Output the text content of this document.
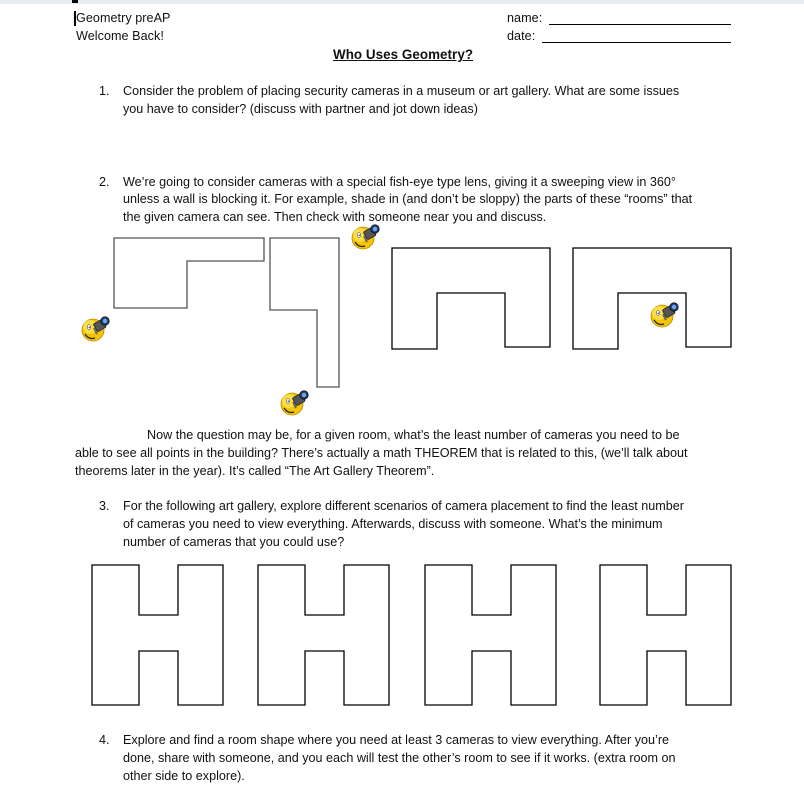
Geometry preAP
Welcome Back!
name:
date:
Who Uses Geometry?
1. Consider the problem of placing security cameras in a museum or art gallery. What are some issues
you have to consider? (discuss with partner and jot down ideas)
2. We’re going to consider cameras with a special fish-eye type lens, giving it a sweeping view in 360°
unless a wall is blocking it. For example, shade in (and don’t be sloppy) the parts of these “rooms” that
the given camera can see. Then check with someone near you and discuss.
Now the question may be, for a given room, what’s the least number of cameras you need to be
able to see all points in the building? There’s actually a math THEOREM that is related to this, (we’ll talk about
theorems later in the year). It’s called “The Art Gallery Theorem”.
3. For the following art gallery, explore different scenarios of camera placement to find the least number
of cameras you need to view everything. Afterwards, discuss with someone. What’s the minimum
number of cameras that you could use?
4. Explore and find a room shape where you need at least 3 cameras to view everything. After you’re
done, share with someone, and you each will test the other’s room to see if it works. (extra room on
other side to explore).
